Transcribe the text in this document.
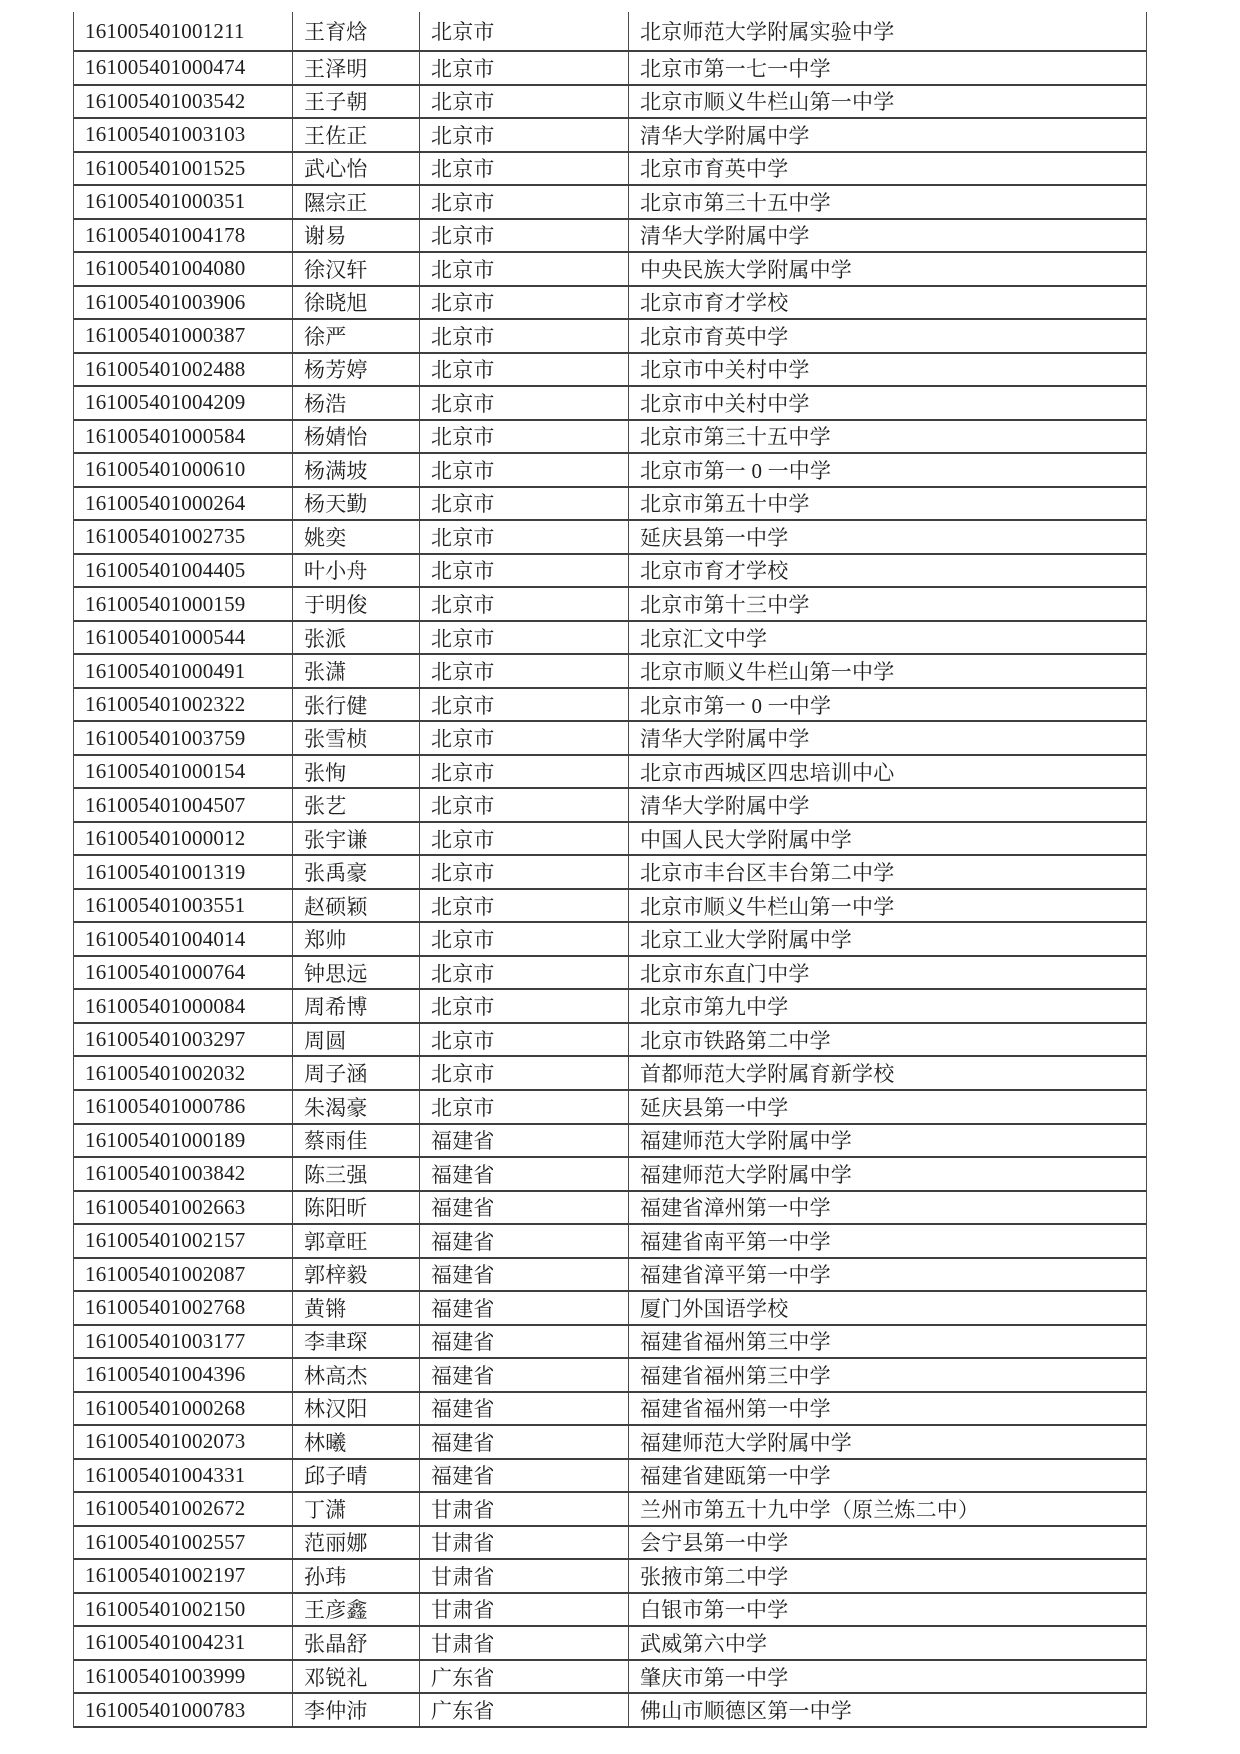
161005401001211	王育焓	北京市	北京师范大学附属实验中学
161005401000474	王泽明	北京市	北京市第一七一中学
161005401003542	王子朝	北京市	北京市顺义牛栏山第一中学
161005401003103	王佐正	北京市	清华大学附属中学
161005401001525	武心怡	北京市	北京市育英中学
161005401000351	隰宗正	北京市	北京市第三十五中学
161005401004178	谢易	北京市	清华大学附属中学
161005401004080	徐汉轩	北京市	中央民族大学附属中学
161005401003906	徐晓旭	北京市	北京市育才学校
161005401000387	徐严	北京市	北京市育英中学
161005401002488	杨芳婷	北京市	北京市中关村中学
161005401004209	杨浩	北京市	北京市中关村中学
161005401000584	杨婧怡	北京市	北京市第三十五中学
161005401000610	杨满坡	北京市	北京市第一 0 一中学
161005401000264	杨天勤	北京市	北京市第五十中学
161005401002735	姚奕	北京市	延庆县第一中学
161005401004405	叶小舟	北京市	北京市育才学校
161005401000159	于明俊	北京市	北京市第十三中学
161005401000544	张派	北京市	北京汇文中学
161005401000491	张潇	北京市	北京市顺义牛栏山第一中学
161005401002322	张行健	北京市	北京市第一 0 一中学
161005401003759	张雪桢	北京市	清华大学附属中学
161005401000154	张恂	北京市	北京市西城区四忠培训中心
161005401004507	张艺	北京市	清华大学附属中学
161005401000012	张宇谦	北京市	中国人民大学附属中学
161005401001319	张禹豪	北京市	北京市丰台区丰台第二中学
161005401003551	赵硕颖	北京市	北京市顺义牛栏山第一中学
161005401004014	郑帅	北京市	北京工业大学附属中学
161005401000764	钟思远	北京市	北京市东直门中学
161005401000084	周希博	北京市	北京市第九中学
161005401003297	周圆	北京市	北京市铁路第二中学
161005401002032	周子涵	北京市	首都师范大学附属育新学校
161005401000786	朱渴豪	北京市	延庆县第一中学
161005401000189	蔡雨佳	福建省	福建师范大学附属中学
161005401003842	陈三强	福建省	福建师范大学附属中学
161005401002663	陈阳昕	福建省	福建省漳州第一中学
161005401002157	郭章旺	福建省	福建省南平第一中学
161005401002087	郭梓毅	福建省	福建省漳平第一中学
161005401002768	黄锵	福建省	厦门外国语学校
161005401003177	李聿琛	福建省	福建省福州第三中学
161005401004396	林高杰	福建省	福建省福州第三中学
161005401000268	林汉阳	福建省	福建省福州第一中学
161005401002073	林曦	福建省	福建师范大学附属中学
161005401004331	邱子晴	福建省	福建省建瓯第一中学
161005401002672	丁潇	甘肃省	兰州市第五十九中学（原兰炼二中）
161005401002557	范丽娜	甘肃省	会宁县第一中学
161005401002197	孙玮	甘肃省	张掖市第二中学
161005401002150	王彦鑫	甘肃省	白银市第一中学
161005401004231	张晶舒	甘肃省	武威第六中学
161005401003999	邓锐礼	广东省	肇庆市第一中学
161005401000783	李仲沛	广东省	佛山市顺德区第一中学
